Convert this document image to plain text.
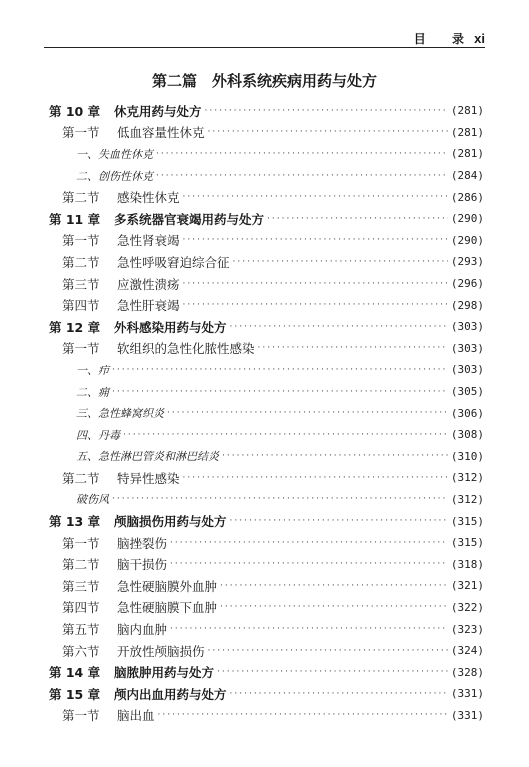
目 录 xi
第二篇　外科系统疾病用药与处方
第 10 章 休克用药与处方 ·····	(281)
第一节 低血容量性休克 ·····	(281)
一、失血性休克 ·····	(281)
二、创伤性休克 ·····	(284)
第二节 感染性休克 ·····	(286)
第 11 章 多系统器官衰竭用药与处方 ·····	(290)
第一节 急性肾衰竭 ·····	(290)
第二节 急性呼吸窘迫综合征 ·····	(293)
第三节 应激性溃疡 ·····	(296)
第四节 急性肝衰竭 ·····	(298)
第 12 章 外科感染用药与处方 ·····	(303)
第一节 软组织的急性化脓性感染 ·····	(303)
一、疖 ·····	(303)
二、痈 ·····	(305)
三、急性蜂窝织炎 ·····	(306)
四、丹毒 ·····	(308)
五、急性淋巴管炎和淋巴结炎 ·····	(310)
第二节 特异性感染 ·····	(312)
破伤风 ·····	(312)
第 13 章 颅脑损伤用药与处方 ·····	(315)
第一节 脑挫裂伤 ·····	(315)
第二节 脑干损伤 ·····	(318)
第三节 急性硬脑膜外血肿 ·····	(321)
第四节 急性硬脑膜下血肿 ·····	(322)
第五节 脑内血肿 ·····	(323)
第六节 开放性颅脑损伤 ·····	(324)
第 14 章 脑脓肿用药与处方 ·····	(328)
第 15 章 颅内出血用药与处方 ·····	(331)
第一节 脑出血 ·····	(331)
